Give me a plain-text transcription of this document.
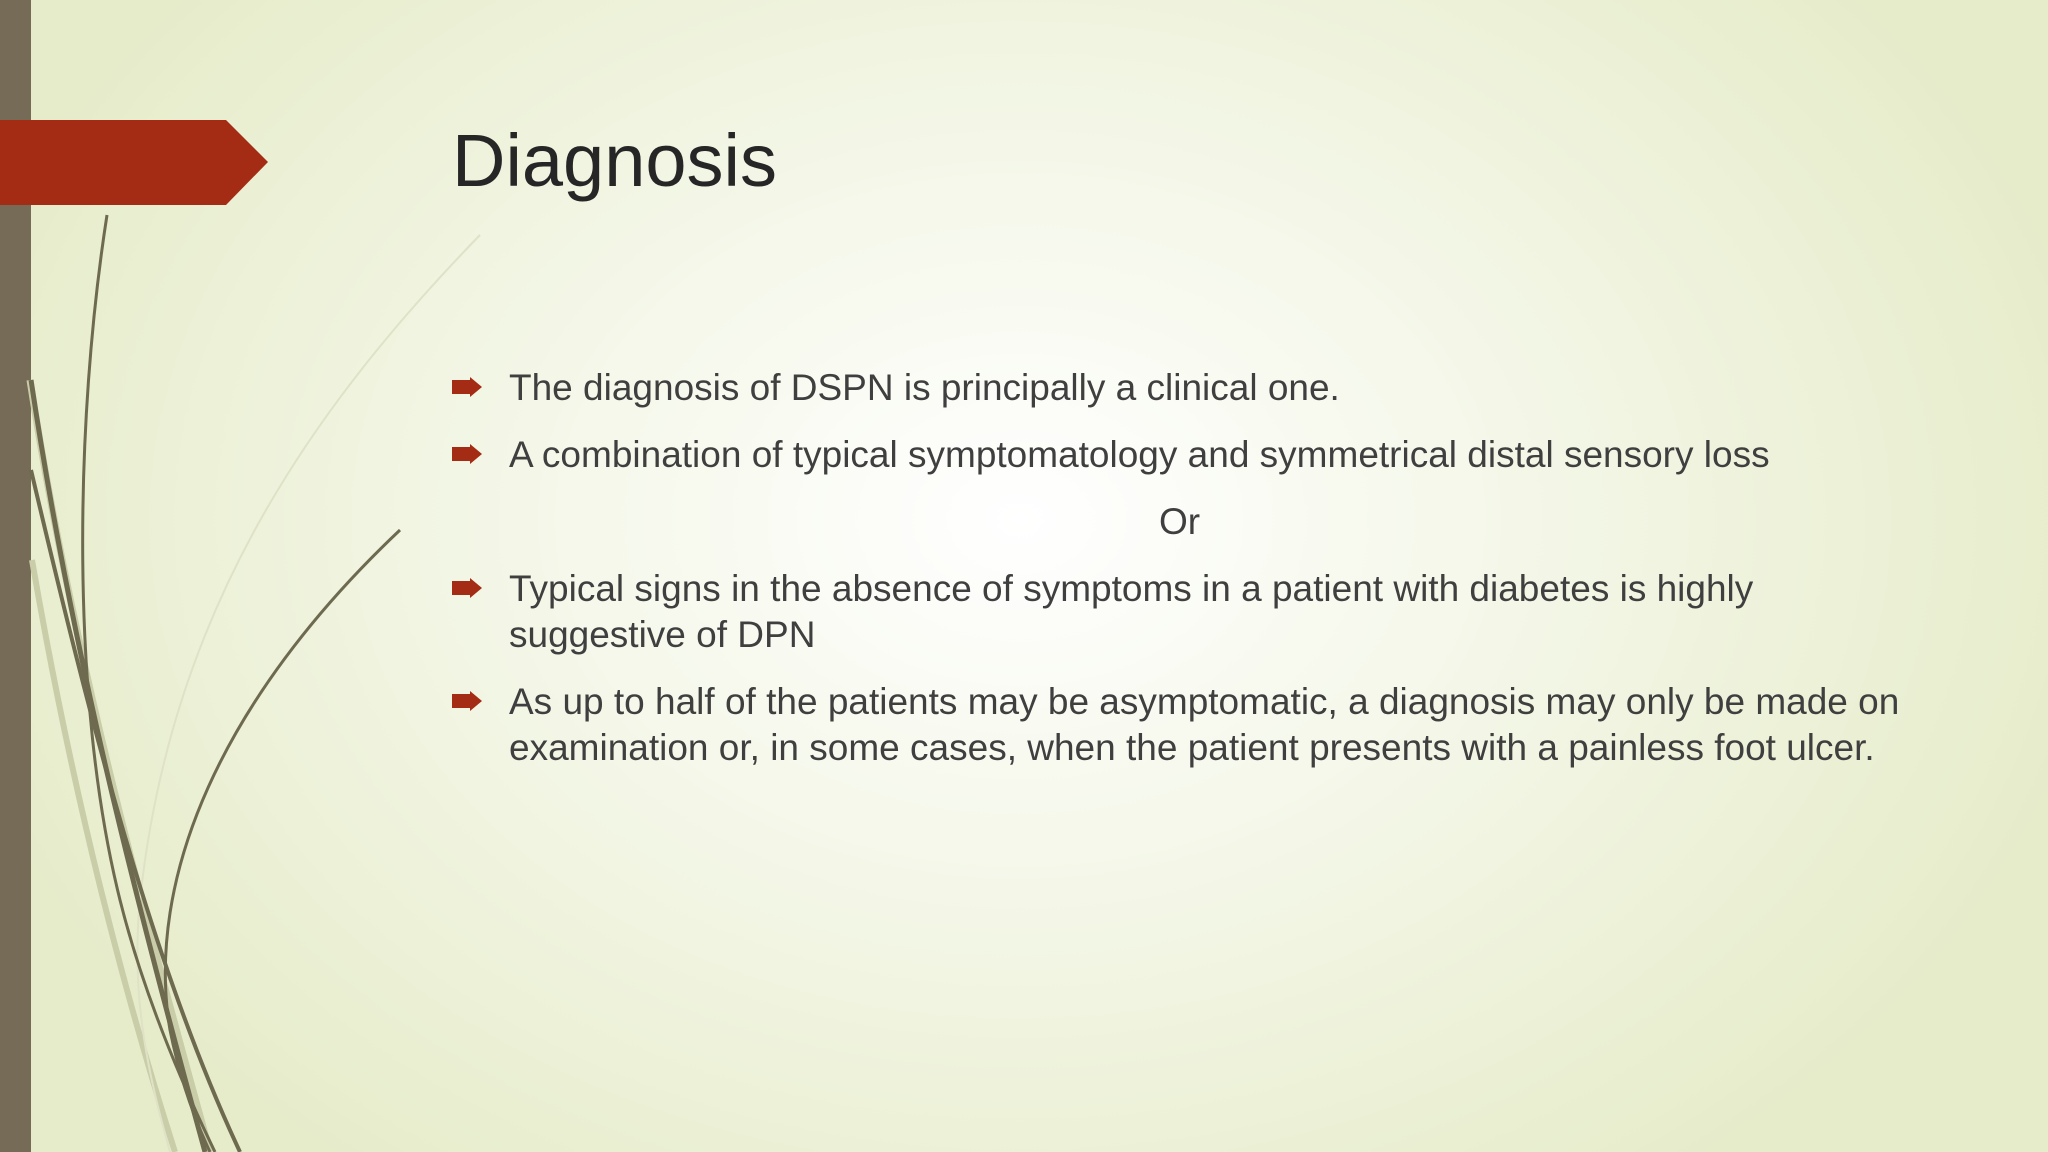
Diagnosis
The diagnosis of DSPN is principally a clinical one.
A combination of typical symptomatology and symmetrical distal sensory loss
Or
Typical signs in the absence of symptoms in a patient with diabetes is highly suggestive of DPN
As up to half of the patients may be asymptomatic, a diagnosis may only be made on examination or, in some cases, when the patient presents with a painless foot ulcer.
